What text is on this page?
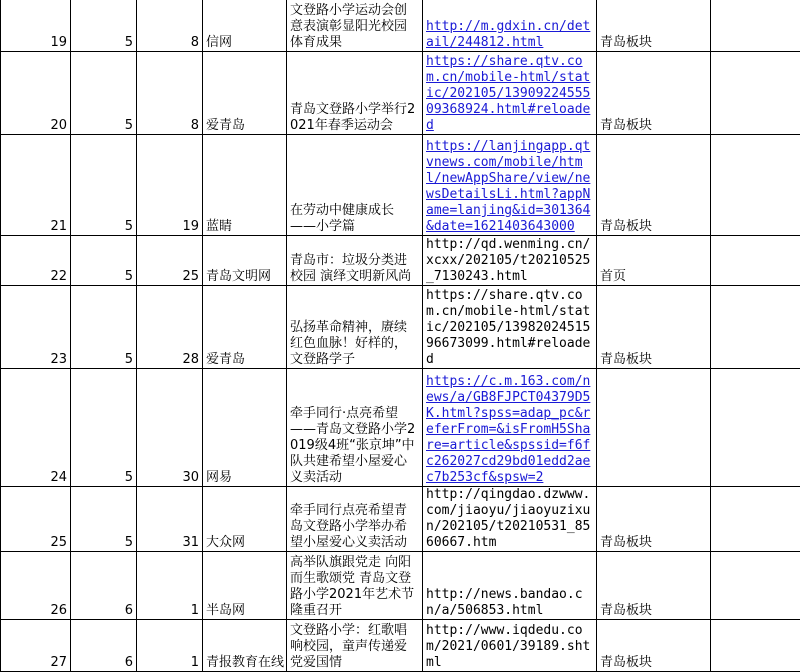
19	5	8	信网	文登路小学运动会创意表演彰显阳光校园体育成果	http://m.gdxin.cn/detail/244812.html	青岛板块	

20	5	8	爱青岛	青岛文登路小学举行2021年春季运动会	https://share.qtv.com.cn/mobile-html/static/202105/1390922455509368924.html#reloaded	青岛板块	

21	5	19	蓝睛	在劳动中健康成长——小学篇	https://lanjingapp.qtvnews.com/mobile/html/newAppShare/view/newsDetailsLi.html?appName=lanjing&id=301364&date=1621403643000	青岛板块	

22	5	25	青岛文明网	青岛市：垃圾分类进校园 演绎文明新风尚	http://qd.wenming.cn/xcxx/202105/t20210525_7130243.html	首页	

23	5	28	爱青岛	弘扬革命精神，赓续红色血脉！好样的，文登路学子	https://share.qtv.com.cn/mobile-html/static/202105/1398202451596673099.html#reloaded	青岛板块	

24	5	30	网易	牵手同行·点亮希望——青岛文登路小学2019级4班“张京坤”中队共建希望小屋爱心义卖活动	https://c.m.163.com/news/a/GB8FJPCT04379D5K.html?spss=adap_pc&referFrom=&isFromH5Share=article&spssid=f6fc262027cd29bd01edd2aec7b253cf&spsw=2		

25	5	31	大众网	牵手同行点亮希望青岛文登路小学举办希望小屋爱心义卖活动	http://qingdao.dzwww.com/jiaoyu/jiaoyuzixun/202105/t20210531_8560667.htm	青岛板块	

26	6	1	半岛网	高举队旗跟党走 向阳而生歌颂党 青岛文登路小学2021年艺术节隆重召开	http://news.bandao.cn/a/506853.html	青岛板块	

27	6	1	青报教育在线	文登路小学：红歌唱响校园，童声传递爱党爱国情	http://www.iqdedu.com/2021/0601/39189.shtml	青岛板块	
